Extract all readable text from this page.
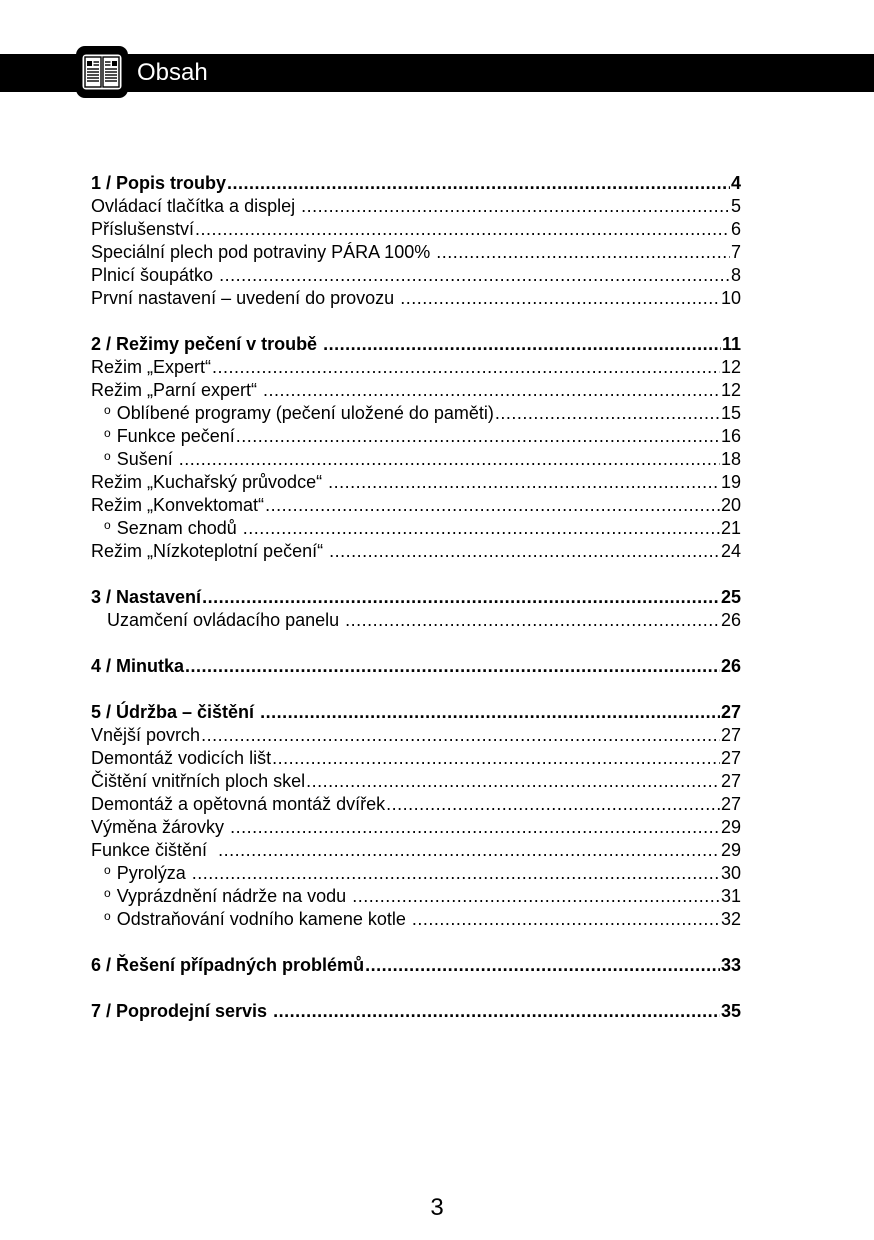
Obsah
1 / Popis trouby .....	4
Ovládací tlačítka a displej .....	5
Příslušenství .....	6
Speciální plech pod potraviny PÁRA 100% .....	7
Plnicí šoupátko .....	8
První nastavení – uvedení do provozu .....	10
2 / Režimy pečení v troubě .....	11
Režim „Expert“ .....	12
Režim „Parní expert“ .....	12
o Oblíbené programy (pečení uložené do paměti) .....	15
o Funkce pečení .....	16
o Sušení .....	18
Režim „Kuchařský průvodce“ .....	19
Režim „Konvektomat“ .....	20
o Seznam chodů .....	21
Režim „Nízkoteplotní pečení“ .....	24
3 / Nastavení .....	25
Uzamčení ovládacího panelu .....	26
4 / Minutka .....	26
5 / Údržba – čištění .....	27
Vnější povrch .....	27
Demontáž vodicích lišt .....	27
Čištění vnitřních ploch skel .....	27
Demontáž a opětovná montáž dvířek .....	27
Výměna žárovky .....	29
Funkce čištění .....	29
o Pyrolýza .....	30
o Vyprázdnění nádrže na vodu .....	31
o Odstraňování vodního kamene kotle .....	32
6 / Řešení případných problémů .....	33
7 / Poprodejní servis .....	35
3
